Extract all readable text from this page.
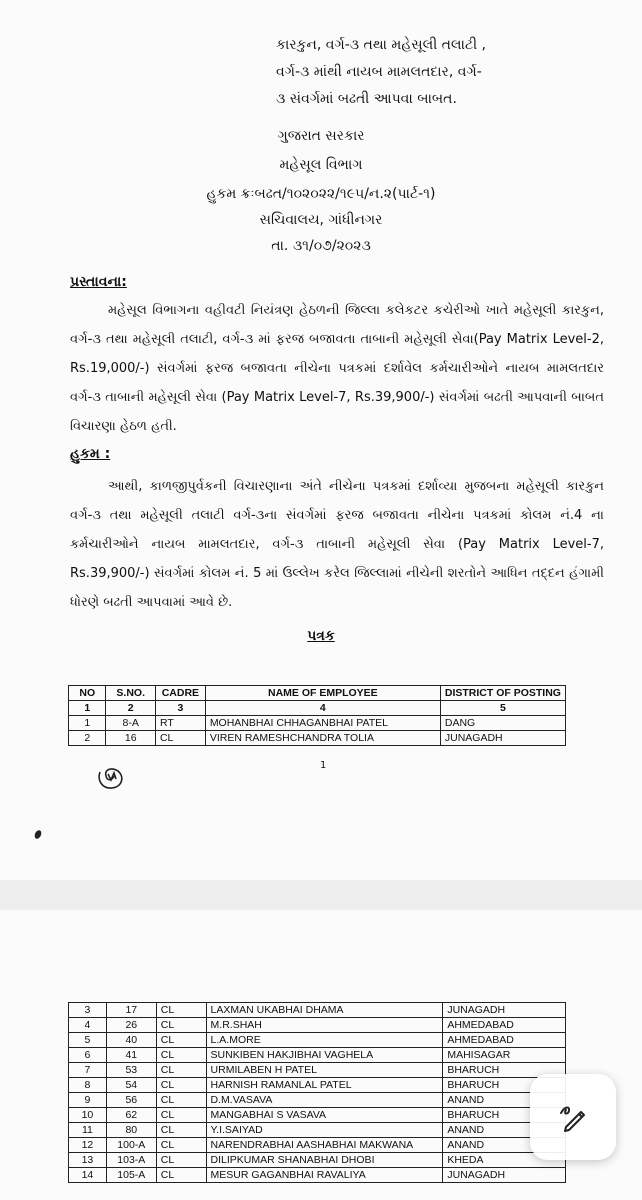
કારકુન, વર્ગ-૩ તથા મહેસૂલી તલાટી ,
વર્ગ-૩ માંથી નાયબ મામલતદાર, વર્ગ-
૩ સંવર્ગમાં બઢતી આપવા બાબત.
ગુજરાત સરકાર
મહેસૂલ વિભાગ
હુકમ ક્રઃબઢત/૧૦૨૦૨૨/૧૯૫/ન.૨(પાર્ટ-૧)
સચિવાલય, ગાંધીનગર
તા. ૩૧/૦૭/૨૦૨૩
પ્રસ્તાવના:
મહેસૂલ વિભાગના વહીવટી નિયંત્રણ હેઠળની જિલ્લા કલેકટર કચેરીઓ ખાતે મહેસૂલી કારકુન, વર્ગ-૩ તથા મહેસૂલી તલાટી, વર્ગ-૩ માં ફરજ બજાવતા તાબાની મહેસૂલી સેવા(Pay Matrix Level-2, Rs.19,000/-) સંવર્ગમાં ફરજ બજાવતા નીચેના પત્રકમાં દર્શાવેલ કર્મચારીઓને નાયબ મામલતદાર વર્ગ-૩ તાબાની મહેસૂલી સેવા (Pay Matrix Level-7, Rs.39,900/-) સંવર્ગમાં બઢતી આપવાની બાબત વિચારણા હેઠળ હતી.
હુકમ :
આથી, કાળજીપુર્વકની વિચારણાના અંતે નીચેના પત્રકમાં દર્શાવ્યા મુજબના મહેસૂલી કારકુન વર્ગ-૩ તથા મહેસૂલી તલાટી વર્ગ-૩ના સંવર્ગમાં ફરજ બજાવતા નીચેના પત્રકમાં કોલમ નં.4 ના કર્મચારીઓને નાયબ મામલતદાર, વર્ગ-૩ તાબાની મહેસૂલી સેવા (Pay Matrix Level-7, Rs.39,900/-) સંવર્ગમાં કોલમ નં. 5 માં ઉલ્લેખ કરેલ જિલ્લામાં નીચેની શરતોને આધિન તદ્દન હંગામી ધોરણે બઢતી આપવામાં આવે છે.
પત્રક
NO	S.NO.	CADRE	NAME OF EMPLOYEE	DISTRICT OF POSTING
1	2	3	4	5
1	8-A	RT	MOHANBHAI CHHAGANBHAI PATEL	DANG
2	16	CL	VIREN RAMESHCHANDRA TOLIA	JUNAGADH
1
3	17	CL	LAXMAN UKABHAI DHAMA	JUNAGADH
4	26	CL	M.R.SHAH	AHMEDABAD
5	40	CL	L.A.MORE	AHMEDABAD
6	41	CL	SUNKIBEN HAKJIBHAI VAGHELA	MAHISAGAR
7	53	CL	URMILABEN H PATEL	BHARUCH
8	54	CL	HARNISH RAMANLAL PATEL	BHARUCH
9	56	CL	D.M.VASAVA	ANAND
10	62	CL	MANGABHAI S VASAVA	BHARUCH
11	80	CL	Y.I.SAIYAD	ANAND
12	100-A	CL	NARENDRABHAI AASHABHAI MAKWANA	ANAND
13	103-A	CL	DILIPKUMAR SHANABHAI DHOBI	KHEDA
14	105-A	CL	MESUR GAGANBHAI RAVALIYA	JUNAGADH
